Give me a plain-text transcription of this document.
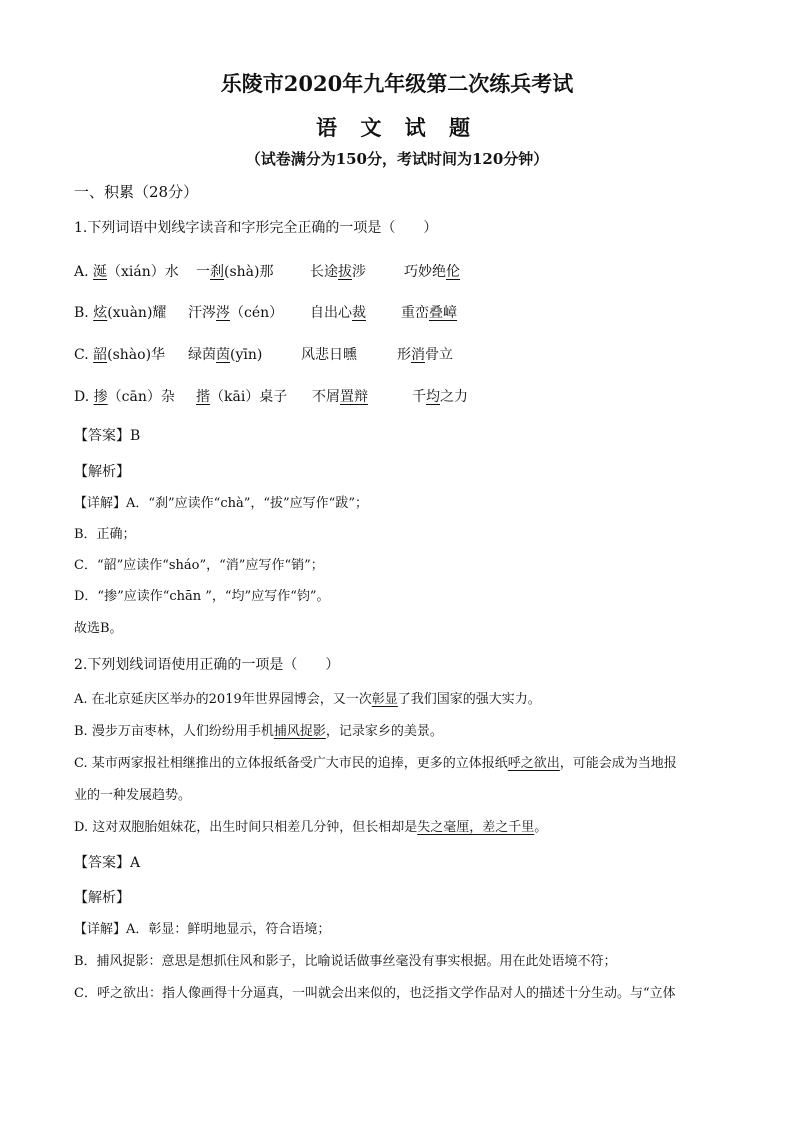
乐陵市2020年九年级第二次练兵考试
语 文 试 题
（试卷满分为150分，考试时间为120分钟）
一、积累（28分）
1.下列词语中划线字读音和字形完全正确的一项是（　　）
A. 涎（xián）水 一刹(shà)那	长途拔涉	巧妙绝伦
B. 炫(xuàn)耀 汗涔涔（cén） 自出心裁	重峦叠嶂
C. 韶(shào)华 绿茵茵(yīn)	风悲日曛	形消骨立
D. 掺（cān）杂 揩（kāi）桌子 不屑置辩	千均之力
【答案】B
【解析】
【详解】A．“刹”应读作“chà”，“拔”应写作“跋”；
B．正确；
C．“韶”应读作“sháo”，“消”应写作“销”；
D．“掺”应读作“chān ”，“均”应写作“钧”。
故选B。
2.下列划线词语使用正确的一项是（　　）
A. 在北京延庆区举办的2019年世界园博会，又一次彰显了我们国家的强大实力。
B. 漫步万亩枣林，人们纷纷用手机捕风捉影，记录家乡的美景。
C. 某市两家报社相继推出的立体报纸备受广大市民的追捧，更多的立体报纸呼之欲出，可能会成为当地报
业的一种发展趋势。
D. 这对双胞胎姐妹花，出生时间只相差几分钟，但长相却是失之毫厘，差之千里。
【答案】A
【解析】
【详解】A．彰显：鲜明地显示，符合语境；
B．捕风捉影：意思是想抓住风和影子，比喻说话做事丝毫没有事实根据。用在此处语境不符；
C．呼之欲出：指人像画得十分逼真，一叫就会出来似的，也泛指文学作品对人的描述十分生动。与“立体
